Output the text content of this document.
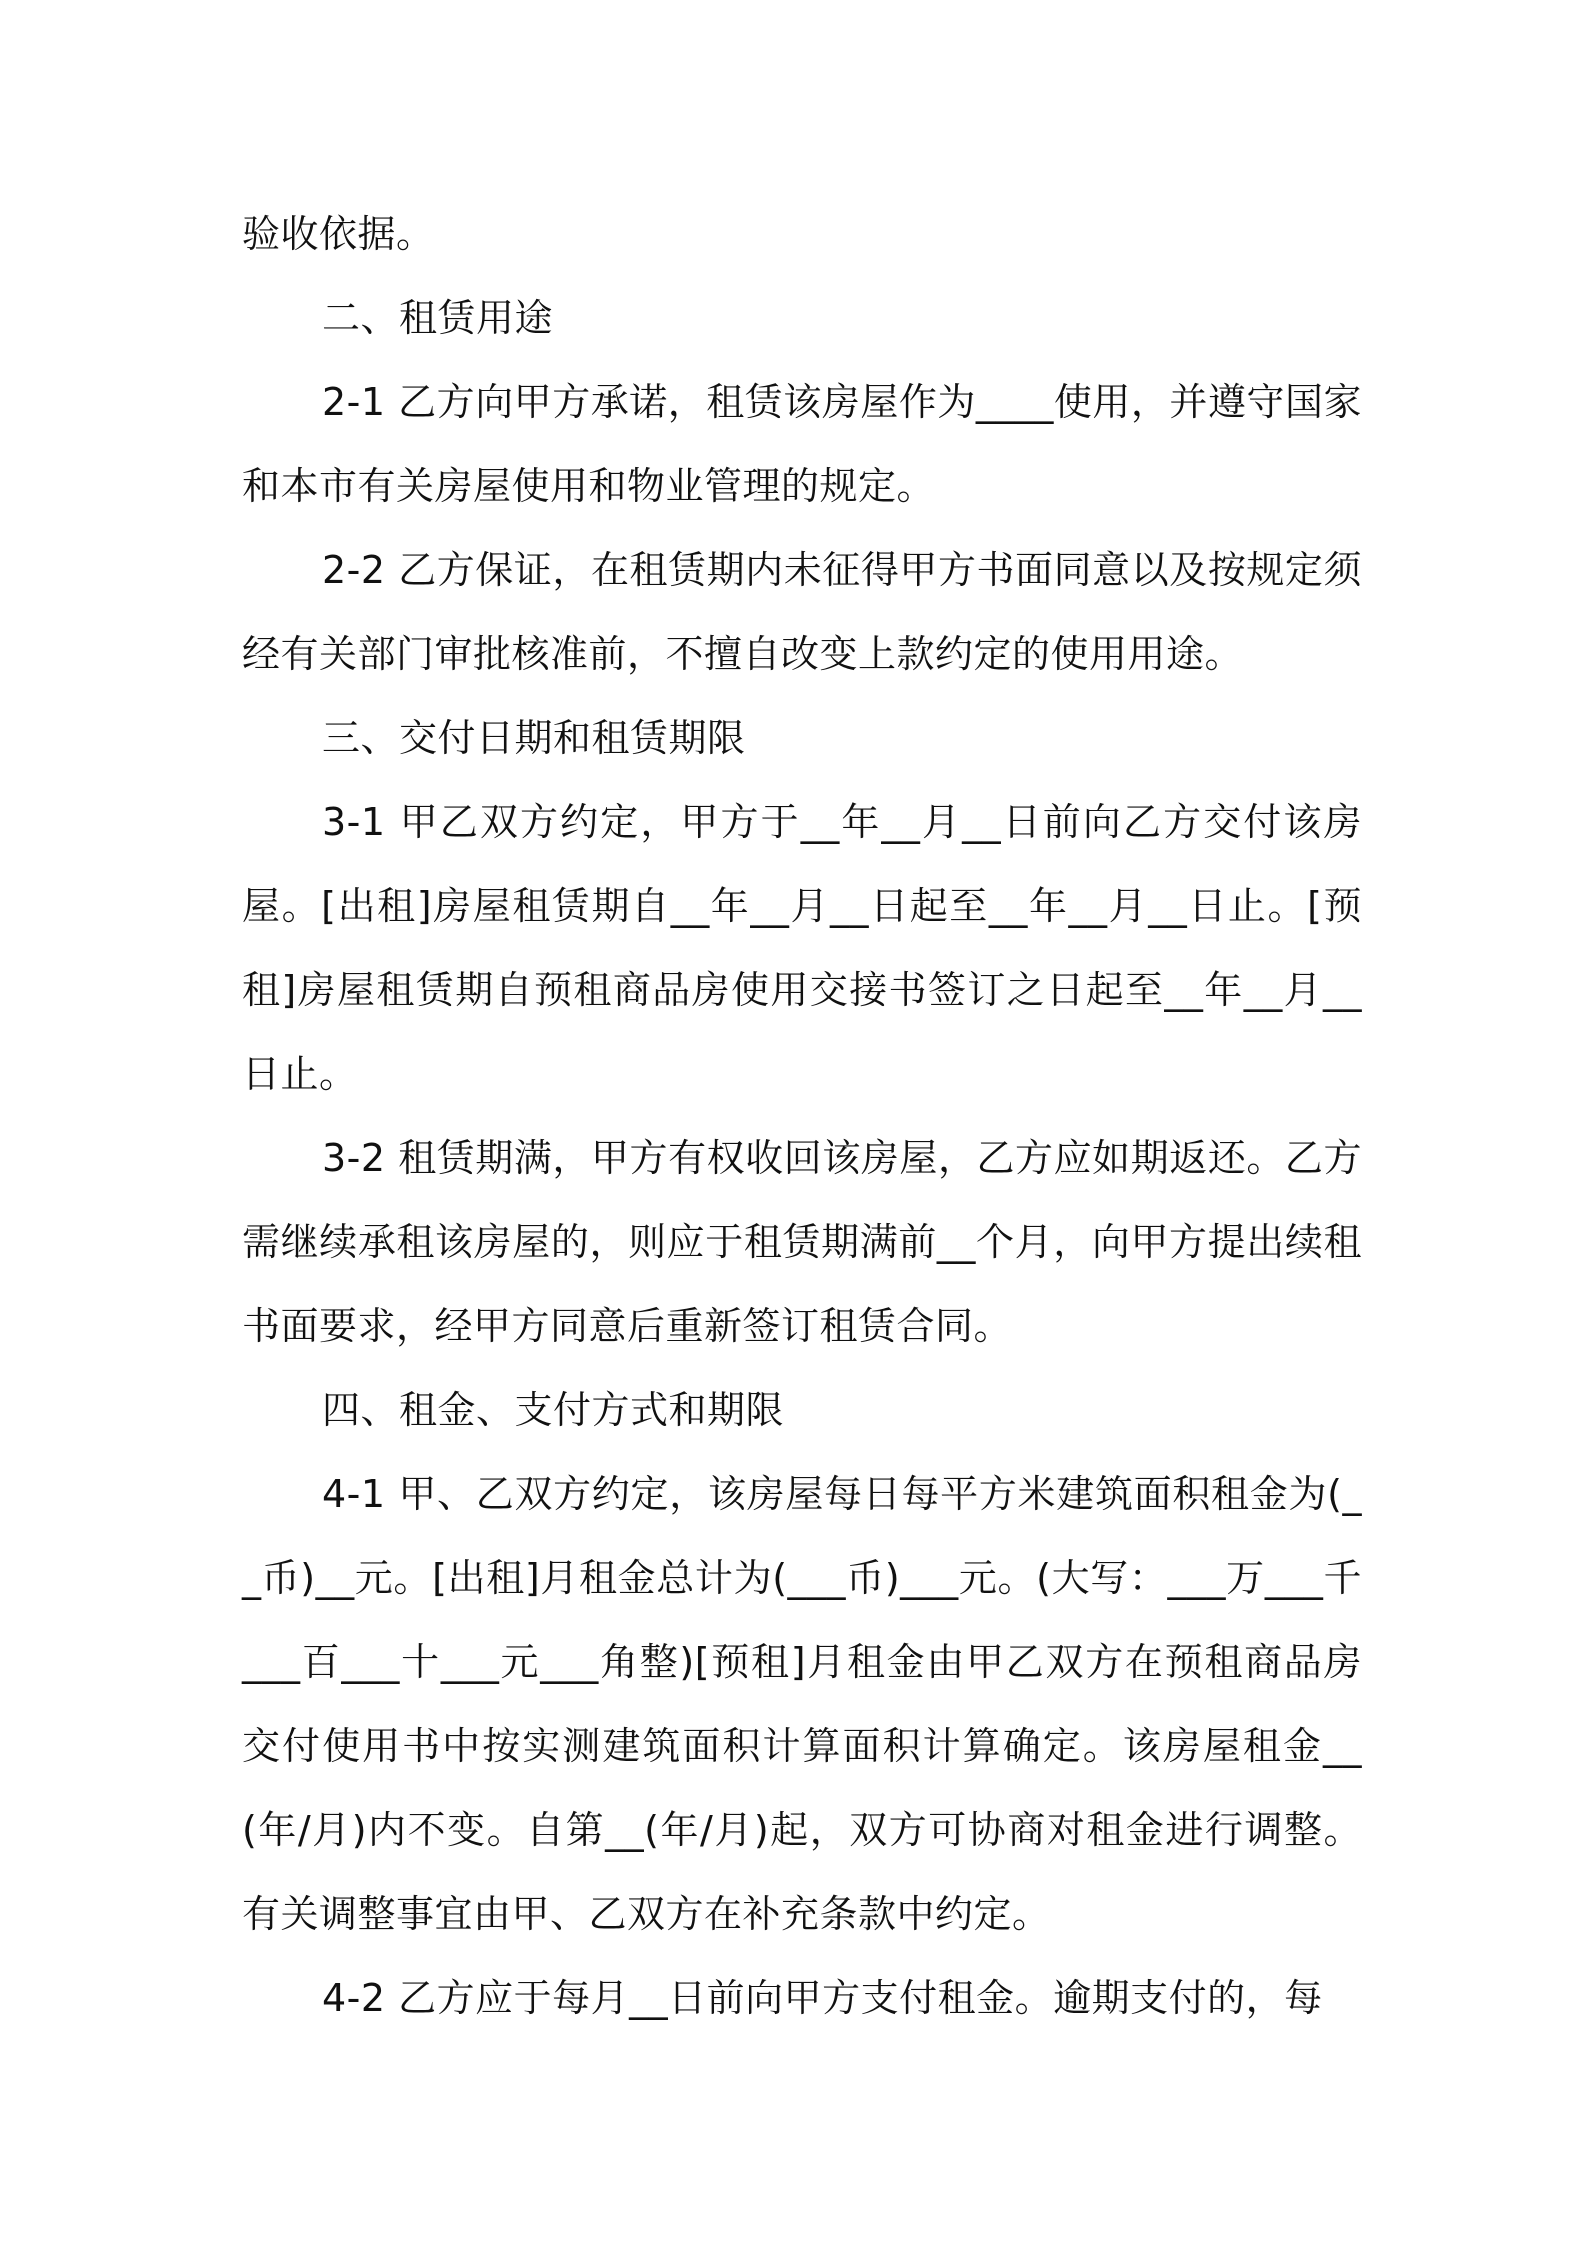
验收依据。

二、租赁用途

2-1 乙方向甲方承诺，租赁该房屋作为____使用，并遵守国家和本市有关房屋使用和物业管理的规定。

2-2 乙方保证，在租赁期内未征得甲方书面同意以及按规定须经有关部门审批核准前，不擅自改变上款约定的使用用途。

三、交付日期和租赁期限

3-1 甲乙双方约定，甲方于__年__月__日前向乙方交付该房屋。[出租]房屋租赁期自__年__月__日起至__年__月__日止。[预租]房屋租赁期自预租商品房使用交接书签订之日起至__年__月__日止。

3-2 租赁期满，甲方有权收回该房屋，乙方应如期返还。乙方需继续承租该房屋的，则应于租赁期满前__个月，向甲方提出续租书面要求，经甲方同意后重新签订租赁合同。

四、租金、支付方式和期限

4-1 甲、乙双方约定，该房屋每日每平方米建筑面积租金为(__币)__元。[出租]月租金总计为(___币)___元。(大写：___万___千___百___十___元___角整)[预租]月租金由甲乙双方在预租商品房交付使用书中按实测建筑面积计算面积计算确定。该房屋租金__(年/月)内不变。自第__(年/月)起，双方可协商对租金进行调整。有关调整事宜由甲、乙双方在补充条款中约定。

4-2 乙方应于每月__日前向甲方支付租金。逾期支付的，每
